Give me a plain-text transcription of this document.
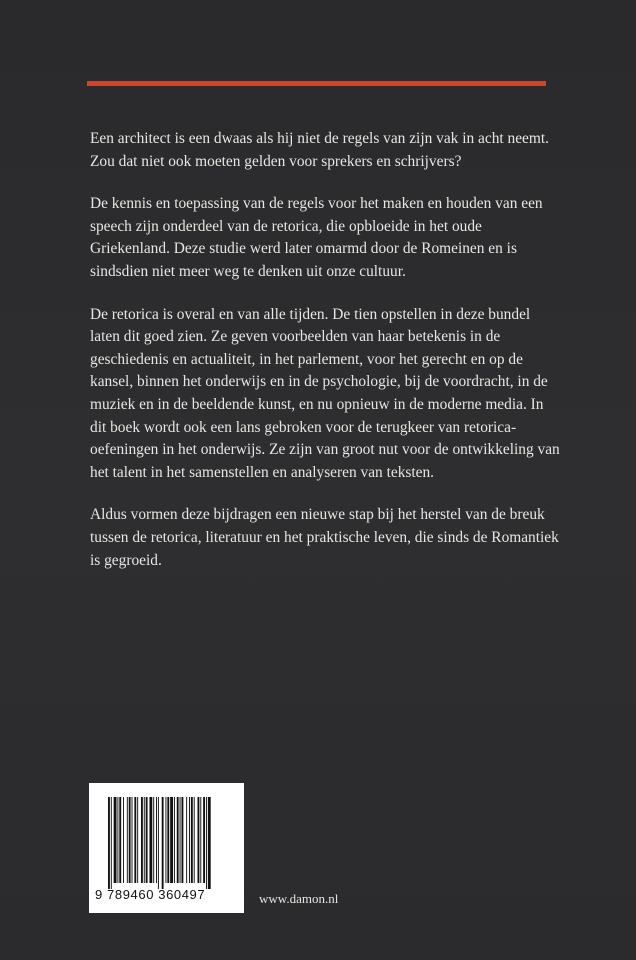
Een architect is een dwaas als hij niet de regels van zijn vak in acht neemt. Zou dat niet ook moeten gelden voor sprekers en schrijvers?

De kennis en toepassing van de regels voor het maken en houden van een speech zijn onderdeel van de retorica, die opbloeide in het oude Griekenland. Deze studie werd later omarmd door de Romeinen en is sindsdien niet meer weg te denken uit onze cultuur.

De retorica is overal en van alle tijden. De tien opstellen in deze bundel laten dit goed zien. Ze geven voorbeelden van haar betekenis in de geschiedenis en actualiteit, in het parlement, voor het gerecht en op de kansel, binnen het onderwijs en in de psychologie, bij de voordracht, in de muziek en in de beeldende kunst, en nu opnieuw in de moderne media. In dit boek wordt ook een lans gebroken voor de terugkeer van retorica-oefeningen in het onderwijs. Ze zijn van groot nut voor de ontwikkeling van het talent in het samenstellen en analyseren van teksten.

Aldus vormen deze bijdragen een nieuwe stap bij het herstel van de breuk tussen de retorica, literatuur en het praktische leven, die sinds de Romantiek is gegroeid.

9 789460 360497	www.damon.nl
